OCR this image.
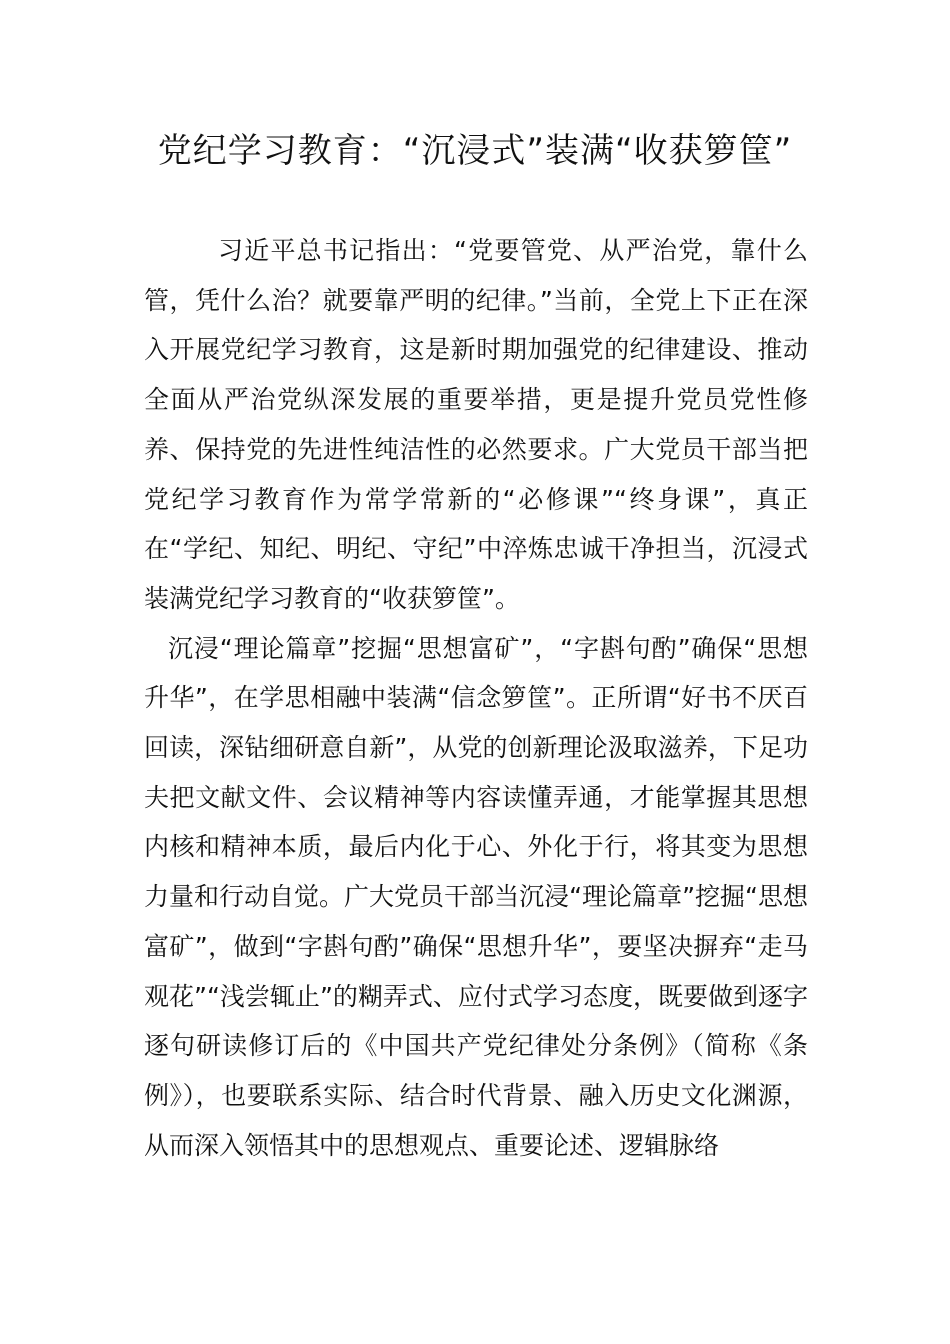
党纪学习教育：“沉浸式”装满“收获箩筐”

习近平总书记指出：“党要管党、从严治党，靠什么管，凭什么治？就要靠严明的纪律。”当前，全党上下正在深入开展党纪学习教育，这是新时期加强党的纪律建设、推动全面从严治党纵深发展的重要举措，更是提升党员党性修养、保持党的先进性纯洁性的必然要求。广大党员干部当把党纪学习教育作为常学常新的“必修课”“终身课”，真正在“学纪、知纪、明纪、守纪”中淬炼忠诚干净担当，沉浸式装满党纪学习教育的“收获箩筐”。

沉浸“理论篇章”挖掘“思想富矿”，“字斟句酌”确保“思想升华”，在学思相融中装满“信念箩筐”。正所谓“好书不厌百回读，深钻细研意自新”，从党的创新理论汲取滋养，下足功夫把文献文件、会议精神等内容读懂弄通，才能掌握其思想内核和精神本质，最后内化于心、外化于行，将其变为思想力量和行动自觉。广大党员干部当沉浸“理论篇章”挖掘“思想富矿”，做到“字斟句酌”确保“思想升华”，要坚决摒弃“走马观花”“浅尝辄止”的糊弄式、应付式学习态度，既要做到逐字逐句研读修订后的《中国共产党纪律处分条例》（简称《条例》），也要联系实际、结合时代背景、融入历史文化渊源，从而深入领悟其中的思想观点、重要论述、逻辑脉络
